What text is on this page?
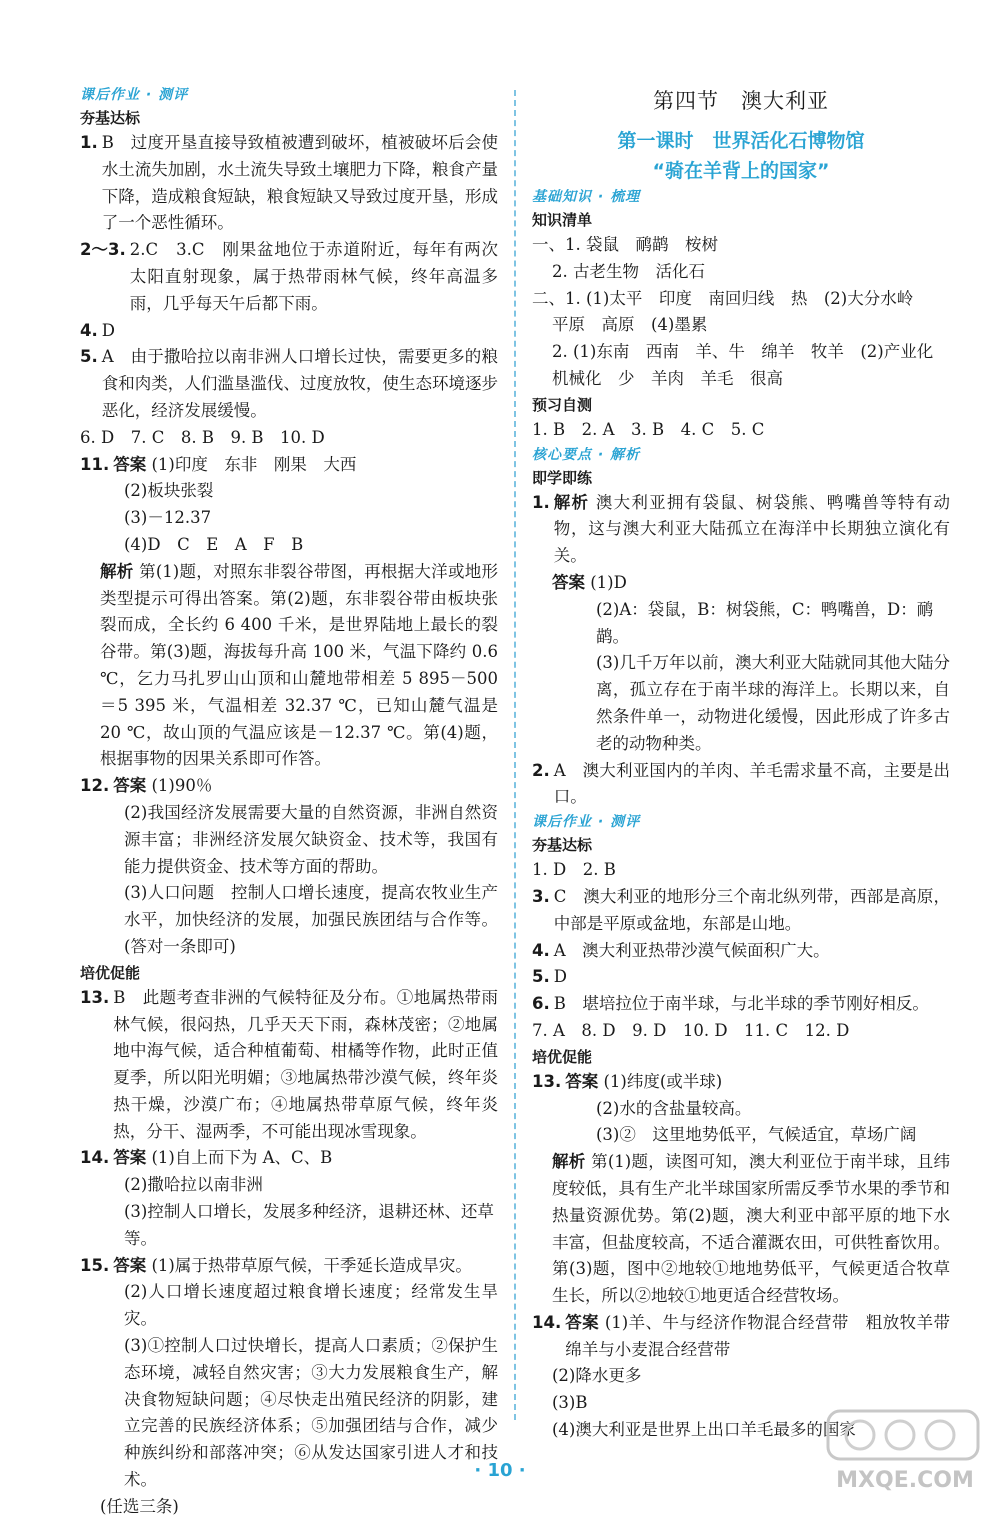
课后作业 · 测评
夯基达标
1. B　过度开垦直接导致植被遭到破坏，植被破坏后会使水土流失加剧，水土流失导致土壤肥力下降，粮食产量下降，造成粮食短缺，粮食短缺又导致过度开垦，形成了一个恶性循环。
2～3. 2.C　3.C　刚果盆地位于赤道附近，每年有两次太阳直射现象，属于热带雨林气候，终年高温多雨，几乎每天午后都下雨。
4. D
5. A　由于撒哈拉以南非洲人口增长过快，需要更多的粮食和肉类，人们滥垦滥伐、过度放牧，使生态环境逐步恶化，经济发展缓慢。
6. D　7. C　8. B　9. B　10. D
11. 答案 (1)印度　东非　刚果　大西
(2)板块张裂
(3)－12.37
(4)D　C　E　A　F　B
解析 第(1)题，对照东非裂谷带图，再根据大洋或地形类型提示可得出答案。第(2)题，东非裂谷带由板块张裂而成，全长约 6 400 千米，是世界陆地上最长的裂谷带。第(3)题，海拔每升高 100 米，气温下降约 0.6 ℃，乞力马扎罗山山顶和山麓地带相差 5 895－500＝5 395 米，气温相差 32.37 ℃，已知山麓气温是 20 ℃，故山顶的气温应该是－12.37 ℃。第(4)题，根据事物的因果关系即可作答。
12. 答案 (1)90％
(2)我国经济发展需要大量的自然资源，非洲自然资源丰富；非洲经济发展欠缺资金、技术等，我国有能力提供资金、技术等方面的帮助。
(3)人口问题　控制人口增长速度，提高农牧业生产水平，加快经济的发展，加强民族团结与合作等。(答对一条即可)
培优促能
13. B　此题考查非洲的气候特征及分布。①地属热带雨林气候，很闷热，几乎天天下雨，森林茂密；②地属地中海气候，适合种植葡萄、柑橘等作物，此时正值夏季，所以阳光明媚；③地属热带沙漠气候，终年炎热干燥，沙漠广布；④地属热带草原气候，终年炎热，分干、湿两季，不可能出现冰雪现象。
14. 答案 (1)自上而下为 A、C、B
(2)撒哈拉以南非洲
(3)控制人口增长，发展多种经济，退耕还林、还草等。
15. 答案 (1)属于热带草原气候，干季延长造成旱灾。
(2)人口增长速度超过粮食增长速度；经常发生旱灾。
(3)①控制人口过快增长，提高人口素质；②保护生态环境，减轻自然灾害；③大力发展粮食生产，解决食物短缺问题；④尽快走出殖民经济的阴影，建立完善的民族经济体系；⑤加强团结与合作，减少种族纠纷和部落冲突；⑥从发达国家引进人才和技术。
(任选三条)
第四节　澳大利亚
第一课时　世界活化石博物馆
“骑在羊背上的国家”
基础知识 · 梳理
知识清单
一、1. 袋鼠　鸸鹋　桉树
2. 古老生物　活化石
二、1. (1)太平　印度　南回归线　热　(2)大分水岭
平原　高原　(4)墨累
2. (1)东南　西南　羊、牛　绵羊　牧羊　(2)产业化
机械化　少　羊肉　羊毛　很高
预习自测
1. B　2. A　3. B　4. C　5. C
核心要点 · 解析
即学即练
1. 解析 澳大利亚拥有袋鼠、树袋熊、鸭嘴兽等特有动物，这与澳大利亚大陆孤立在海洋中长期独立演化有关。
答案 (1)D
(2)A：袋鼠，B：树袋熊，C：鸭嘴兽，D：鸸鹋。
(3)几千万年以前，澳大利亚大陆就同其他大陆分离，孤立存在于南半球的海洋上。长期以来，自然条件单一，动物进化缓慢，因此形成了许多古老的动物种类。
2. A　澳大利亚国内的羊肉、羊毛需求量不高，主要是出口。
课后作业 · 测评
夯基达标
1. D　2. B
3. C　澳大利亚的地形分三个南北纵列带，西部是高原，中部是平原或盆地，东部是山地。
4. A　澳大利亚热带沙漠气候面积广大。
5. D
6. B　堪培拉位于南半球，与北半球的季节刚好相反。
7. A　8. D　9. D　10. D　11. C　12. D
培优促能
13. 答案 (1)纬度(或半球)
(2)水的含盐量较高。
(3)②　这里地势低平，气候适宜，草场广阔
解析 第(1)题，读图可知，澳大利亚位于南半球，且纬度较低，具有生产北半球国家所需反季节水果的季节和热量资源优势。第(2)题，澳大利亚中部平原的地下水丰富，但盐度较高，不适合灌溉农田，可供牲畜饮用。第(3)题，图中②地较①地地势低平，气候更适合牧草生长，所以②地较①地更适合经营牧场。
14. 答案 (1)羊、牛与经济作物混合经营带　粗放牧羊带　绵羊与小麦混合经营带
(2)降水更多
(3)B
(4)澳大利亚是世界上出口羊毛最多的国家
· 10 ·	MXQE.COM
